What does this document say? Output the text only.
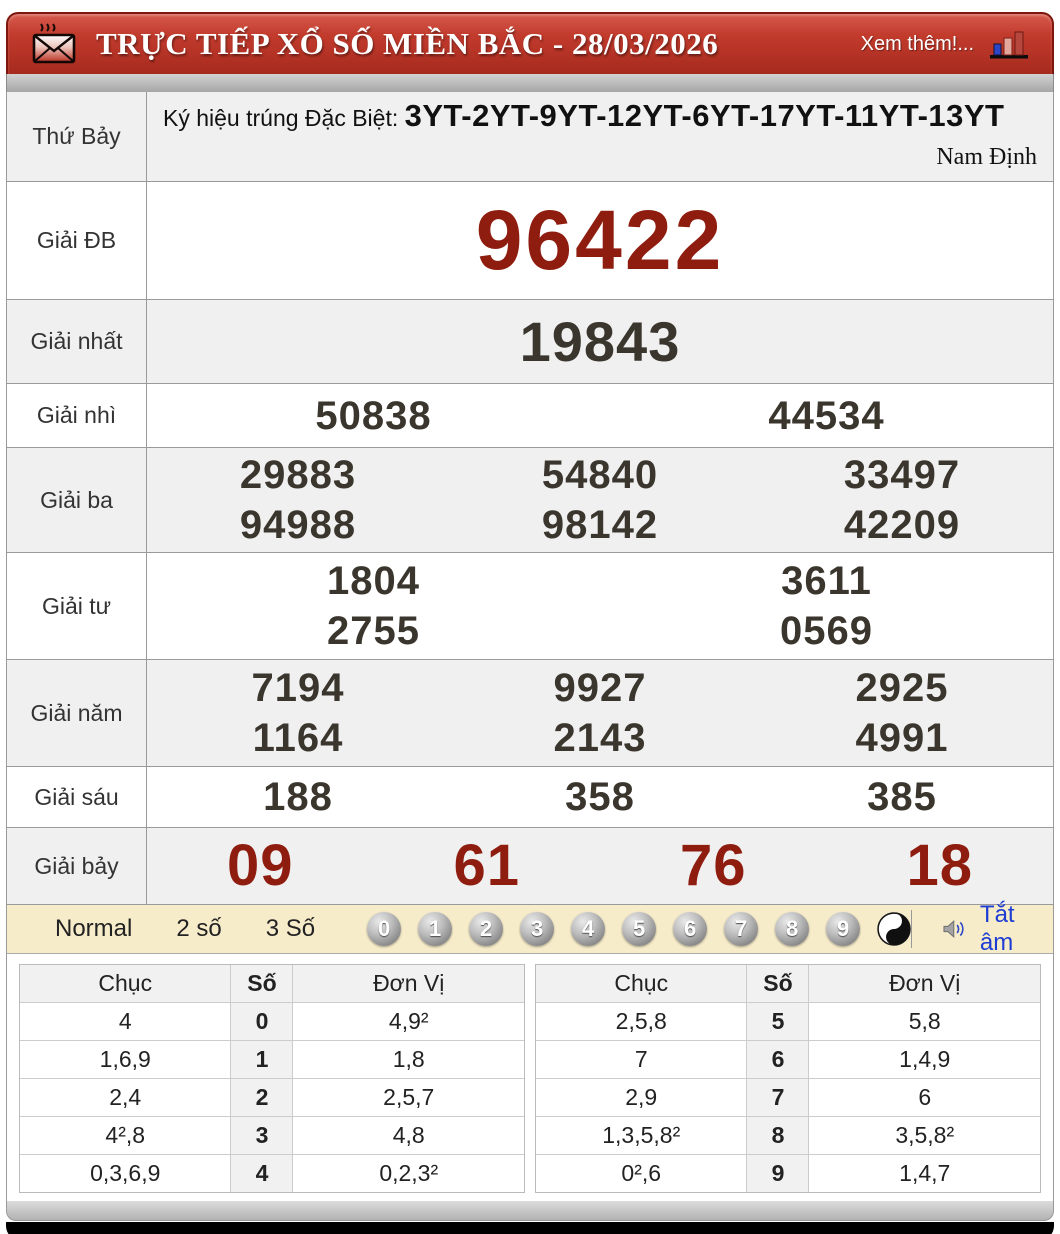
TRỰC TIẾP XỔ SỐ MIỀN BẮC - 28/03/2026	Xem thêm!...
Thứ Bảy
Ký hiệu trúng Đặc Biệt: 3YT-2YT-9YT-12YT-6YT-17YT-11YT-13YT
Nam Định
Giải ĐB	96422
Giải nhất	19843
Giải nhì	50838	44534
Giải ba
29883	54840	33497
94988	98142	42209
Giải tư
1804	3611
2755	0569
Giải năm
7194	9927	2925
1164	2143	4991
Giải sáu	188	358	385
Giải bảy	09	61	76	18
Normal	2 số	3 Số	0	1	2	3	4	5	6	7	8	9
Tắt âm
Chục	Số	Đơn Vị
4	0	4,9²
1,6,9	1	1,8
2,4	2	2,5,7
4²,8	3	4,8
0,3,6,9	4	0,2,3²
Chục	Số	Đơn Vị
2,5,8	5	5,8
7	6	1,4,9
2,9	7	6
1,3,5,8²	8	3,5,8²
0²,6	9	1,4,7
